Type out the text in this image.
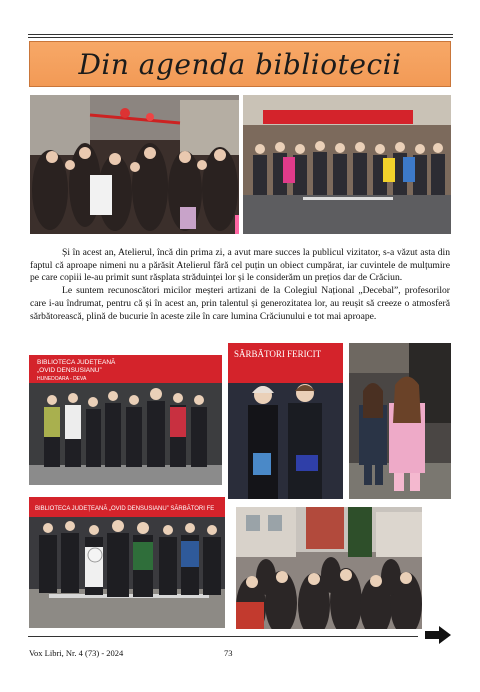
Din agenda bibliotecii

Și în acest an, Atelierul, încă din prima zi, a avut mare succes la publicul vizitator, s-a văzut asta din faptul că aproape nimeni nu a părăsit Atelierul fără cel puțin un obiect cumpărat, iar cuvintele de mulțumire pe care copiii le-au primit sunt răsplata străduinței lor și le considerăm un prețios dar de Crăciun.

Le suntem recunoscători micilor meșteri artizani de la Colegiul Național „Decebal”, profesorilor care i-au îndrumat, pentru că și în acest an, prin talentul și generozitatea lor, au reușit să creeze o atmosferă sărbătorească, plină de bucurie în aceste zile în care lumina Crăciunului e tot mai aproape.

BIBLIOTECA JUDEȚEANĂ
„OVID DENSUSIANU”
HUNEDOARA - DEVA
SĂRBĂTORI FERICIT
BIBLIOTECA JUDEȚEANĂ „OVID DENSUSIANU” SĂRBĂTORI FE
Vox Libri, Nr. 4 (73) - 2024	73
